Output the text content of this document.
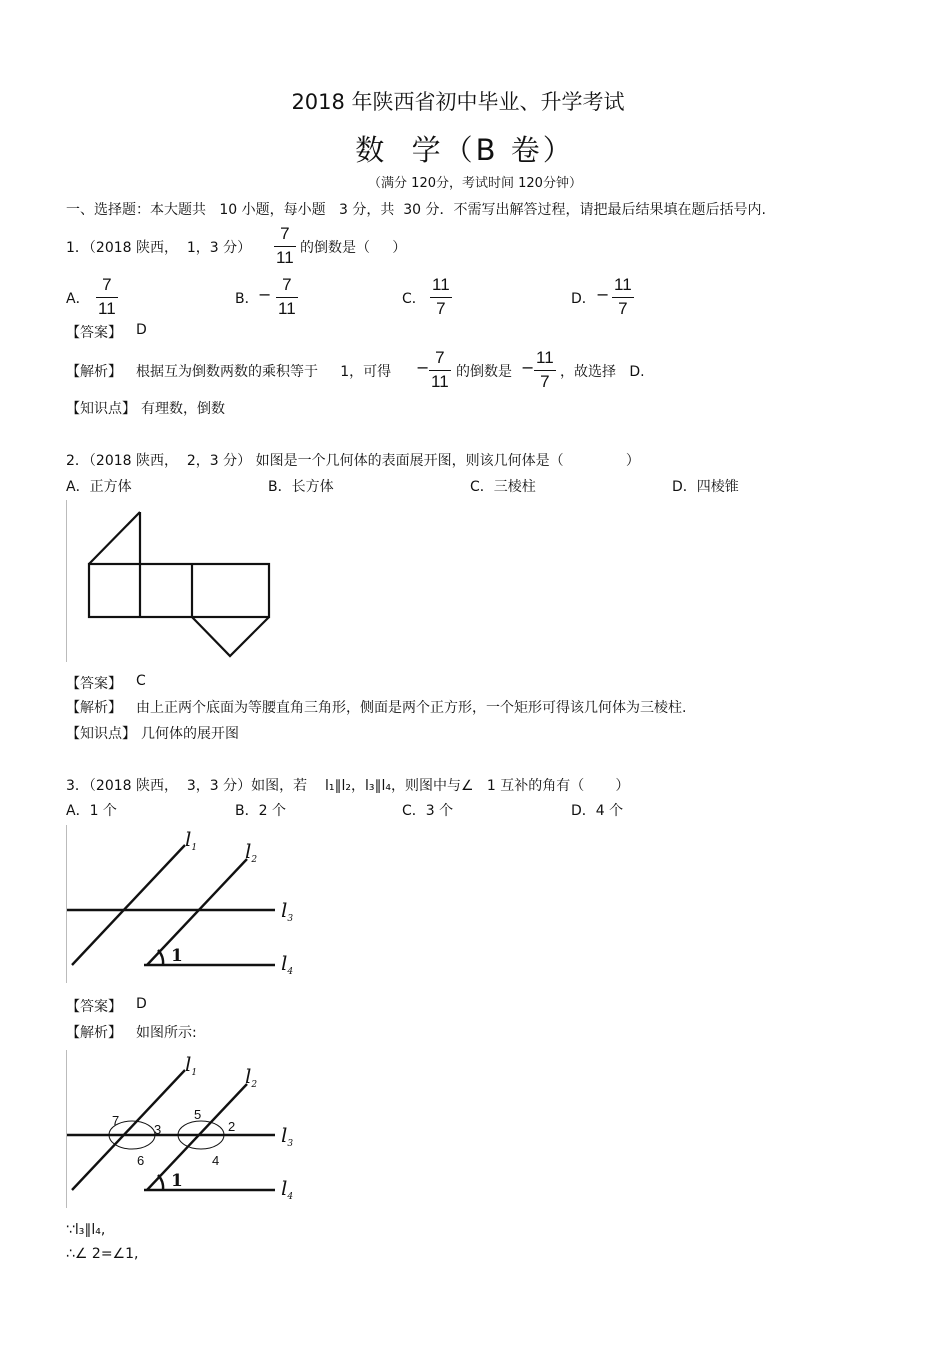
2018 年陕西省初中毕业、升学考试
数  学（B 卷）
（满分 120分，考试时间 120分钟）
一、选择题：本大题共   10 小题，每小题   3 分，共  30 分．不需写出解答过程，请把最后结果填在题后括号内.
1．（2018 陕西，  1，3 分）
7
11 的倒数是（     ）
A．
7
11	B． −
7
11	C．
11
7	D． −
11
7
【答案】 D
【解析】 根据互为倒数两数的乘积等于     1，可得 −
7
11 的倒数是 −
11
7 ，故选择   D.
【知识点】 有理数，倒数
2．（2018 陕西，  2，3 分） 如图是一个几何体的表面展开图，则该几何体是（              ）
A．正方体	B．长方体	C．三棱柱	D．四棱锥
【答案】 C
【解析】 由上正两个底面为等腰直角三角形，侧面是两个正方形，一个矩形可得该几何体为三棱柱.
【知识点】 几何体的展开图
3．（2018 陕西，  3，3 分）如图，若    l₁∥l₂，l₃∥l₄，则图中与∠   1 互补的角有（       ）
A．1 个	B．2 个	C．3 个	D．4 个
$l_1$ $l_2$
$l_3$
$l_4$
1
【答案】 D
【解析】 如图所示:
7
3
6
5
2
4
$l_1$ $l_2$
$l_3$
$l_4$
1
∵l₃∥l₄,
∴∠ 2=∠1,
